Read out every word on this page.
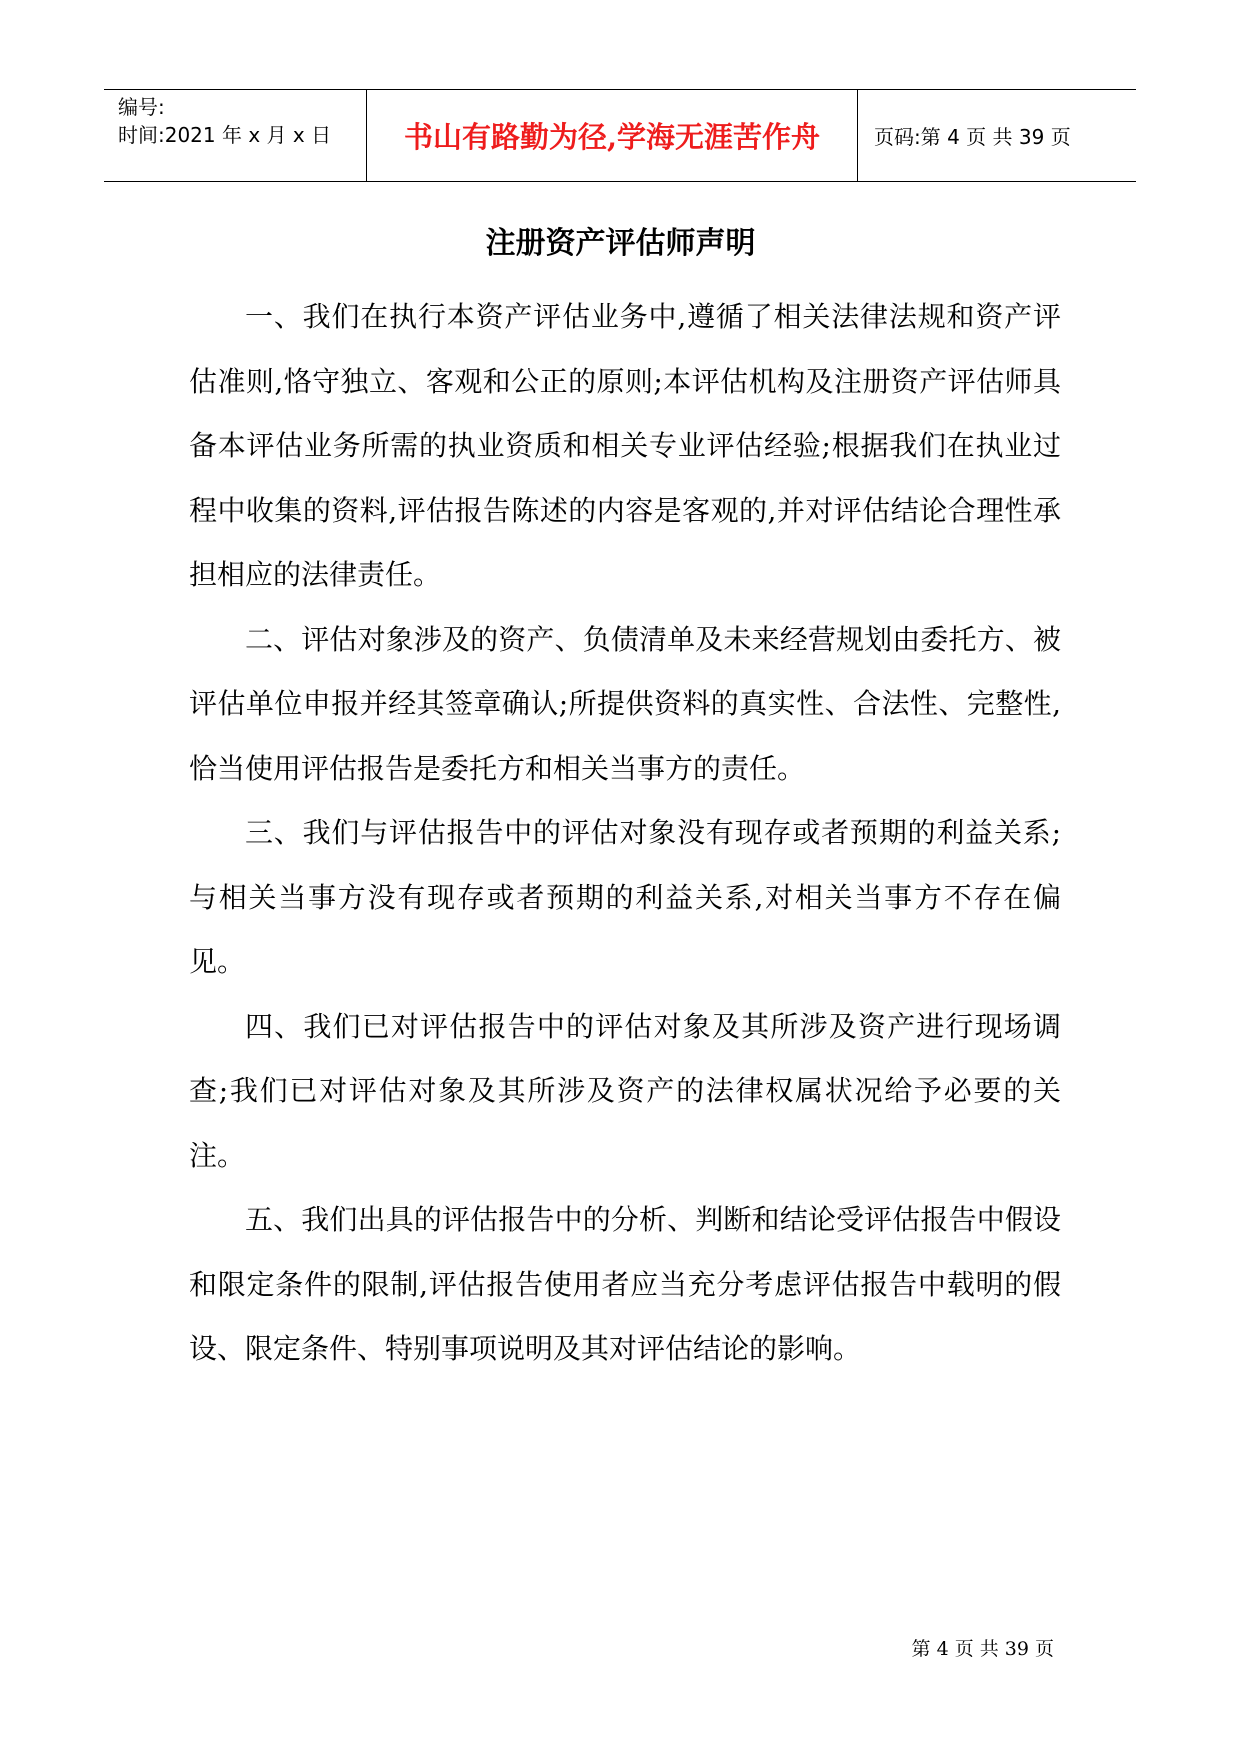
编号:
时间:2021 年 x 月 x 日	书山有路勤为径,学海无涯苦作舟	页码:第 4 页 共 39 页
注册资产评估师声明

一、我们在执行本资产评估业务中,遵循了相关法律法规和资产评估准则,恪守独立、客观和公正的原则;本评估机构及注册资产评估师具备本评估业务所需的执业资质和相关专业评估经验;根据我们在执业过程中收集的资料,评估报告陈述的内容是客观的,并对评估结论合理性承担相应的法律责任。

二、评估对象涉及的资产、负债清单及未来经营规划由委托方、被评估单位申报并经其签章确认;所提供资料的真实性、合法性、完整性,恰当使用评估报告是委托方和相关当事方的责任。

三、我们与评估报告中的评估对象没有现存或者预期的利益关系;与相关当事方没有现存或者预期的利益关系,对相关当事方不存在偏见。

四、我们已对评估报告中的评估对象及其所涉及资产进行现场调查;我们已对评估对象及其所涉及资产的法律权属状况给予必要的关注。

五、我们出具的评估报告中的分析、判断和结论受评估报告中假设和限定条件的限制,评估报告使用者应当充分考虑评估报告中载明的假设、限定条件、特别事项说明及其对评估结论的影响。

第 4 页 共 39 页
